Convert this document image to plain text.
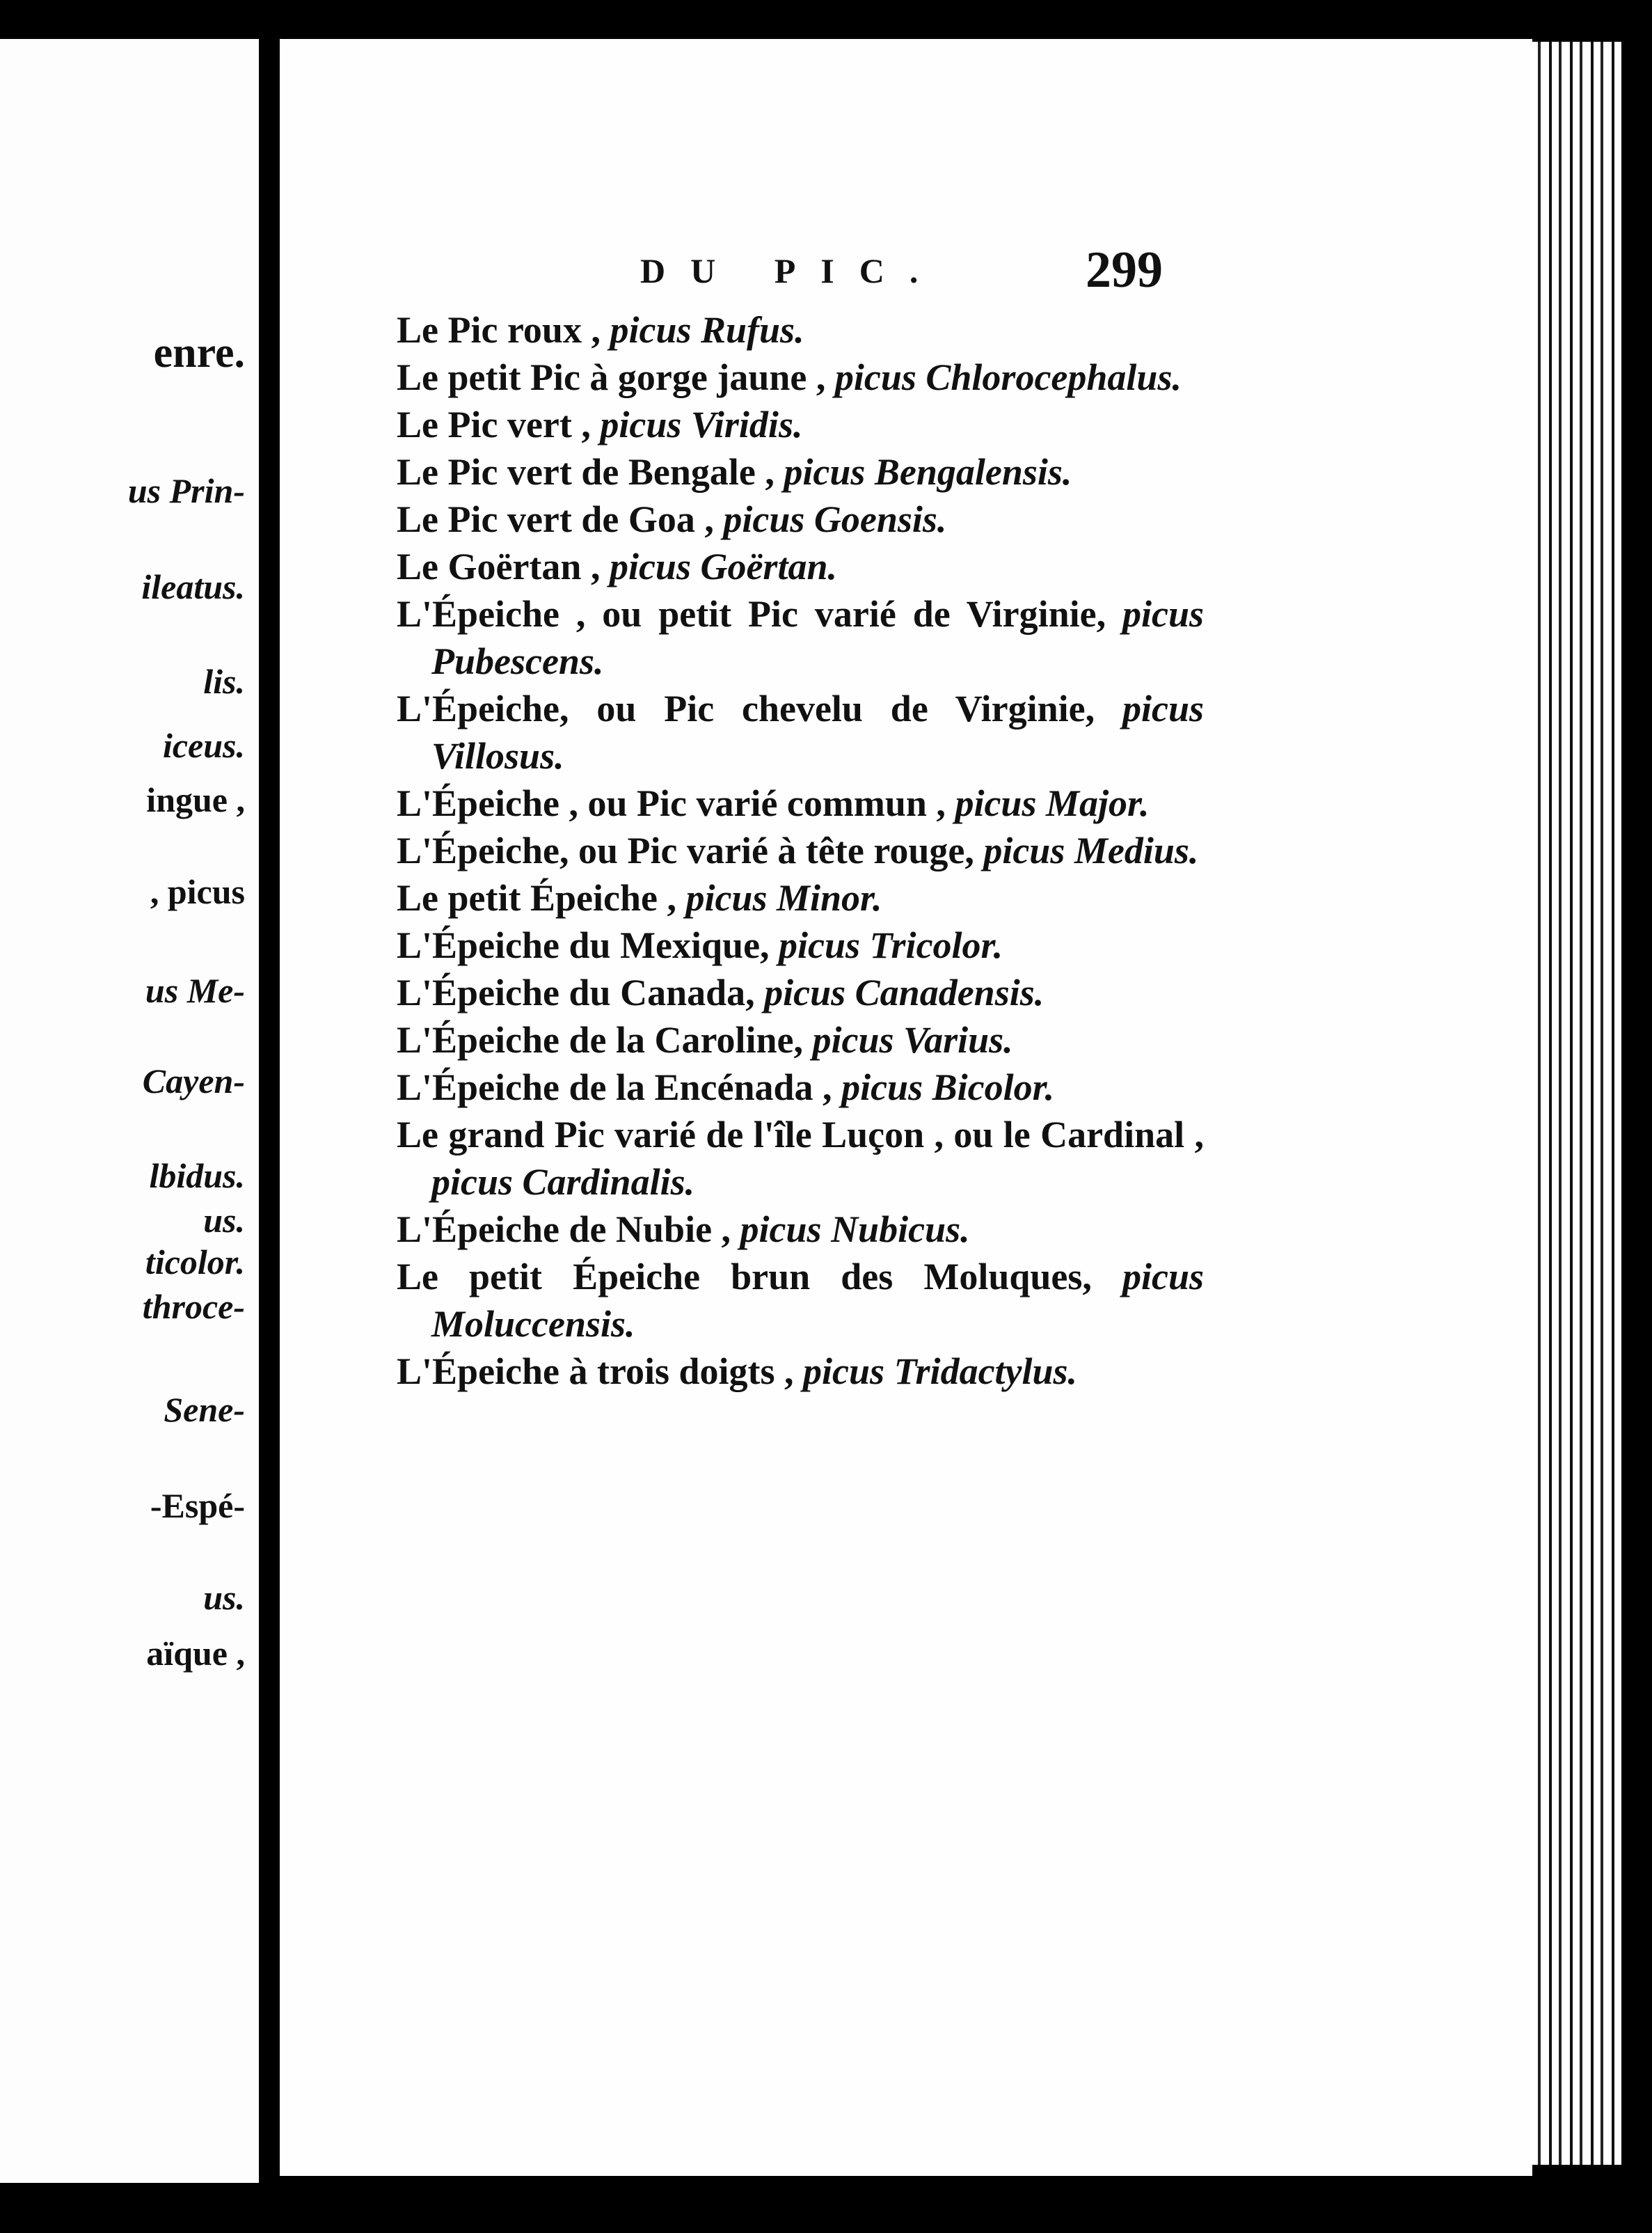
enre.
us Prin-
ileatus.
lis.
iceus.
ingue ,
, picus
us Me-
Cayen-
lbidus.
us.
ticolor.
throce-
Sene-
-Espé-
us.
aïque ,
DU PIC.	299
Le Pic roux , picus Rufus.
Le petit Pic à gorge jaune , picus Chlorocephalus.
Le Pic vert , picus Viridis.
Le Pic vert de Bengale , picus Bengalensis.
Le Pic vert de Goa , picus Goensis.
Le Goërtan , picus Goërtan.
L'Épeiche , ou petit Pic varié de Virginie, picus Pubescens.
L'Épeiche, ou Pic chevelu de Virginie, picus Villosus.
L'Épeiche , ou Pic varié commun , picus Major.
L'Épeiche, ou Pic varié à tête rouge, picus Medius.
Le petit Épeiche , picus Minor.
L'Épeiche du Mexique, picus Tricolor.
L'Épeiche du Canada, picus Canadensis.
L'Épeiche de la Caroline, picus Varius.
L'Épeiche de la Encénada , picus Bicolor.
Le grand Pic varié de l'île Luçon , ou le Cardinal , picus Cardinalis.
L'Épeiche de Nubie , picus Nubicus.
Le petit Épeiche brun des Moluques, picus Moluccensis.
L'Épeiche à trois doigts , picus Tridactylus.
